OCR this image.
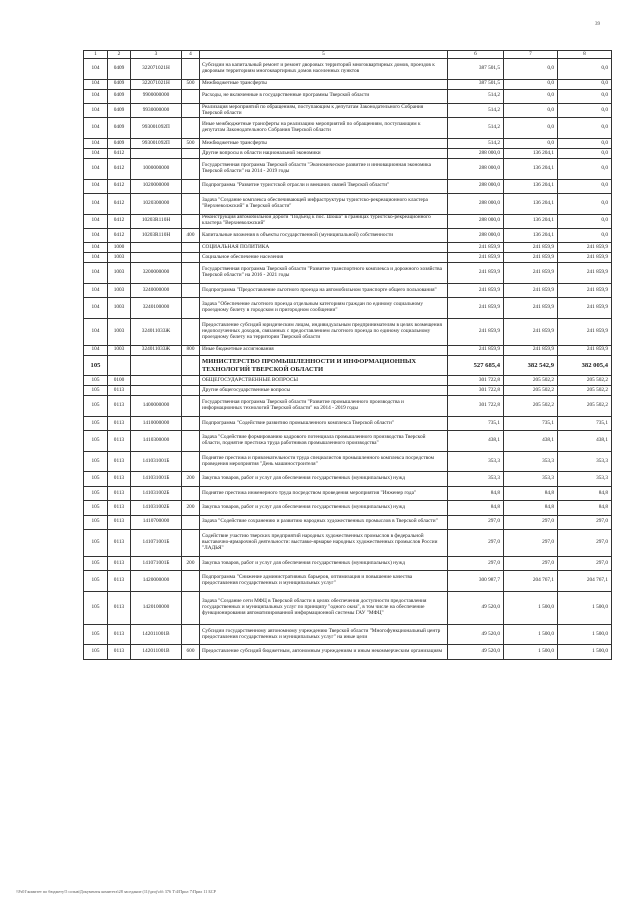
39
1	2	3	4	5	6	7	8
104	0409	322071021Н		Субсидии на капитальный ремонт и ремонт дворовых территорий многоквартирных домов, проездов к дворовым территориям многоквартирных домов населенных пунктов	387 501,5	0,0	0,0
104	0409	322071021Н	500	Межбюджетные трансферты	387 501,5	0,0	0,0
104	0409	9900000000		Расходы, не включенные в государственные программы Тверской области	514,2	0,0	0,0
104	0409	9930000000		Реализация мероприятий по обращениям, поступающим к депутатам Законодательного Собрания Тверской области	514,2	0,0	0,0
104	0409	993001092П		Иные межбюджетные трансферты на реализацию мероприятий по обращениям, поступающим к депутатам Законодательного Собрания Тверской области	514,2	0,0	0,0
104	0409	993001092П	500	Межбюджетные трансферты	514,2	0,0	0,0
104	0412			Другие вопросы в области национальной экономики	288 000,0	136 204,1	0,0
104	0412	1000000000		Государственная программа Тверской области "Экономическое развитие и инновационная экономика Тверской области" на 2014 - 2019 годы	288 000,0	136 204,1	0,0
104	0412	1020000000		Подпрограмма "Развитие туристской отрасли и внешних связей Тверской области"	288 000,0	136 204,1	0,0
104	0412	1020300000		Задача "Создание комплекса обеспечивающей инфраструктуры туристско-рекреационного кластера "Верхневолжский" в Тверской области"	288 000,0	136 204,1	0,0
104	0412	10203R110Н		Реконструкция автомобильной дороги "Подъезд к пос. Шоша" в границах туристско-рекреационного кластера "Верхневолжский"	288 000,0	136 204,1	0,0
104	0412	10203R110Н	400	Капитальные вложения в объекты государственной (муниципальной) собственности	288 000,0	136 204,1	0,0
104	1000			СОЦИАЛЬНАЯ ПОЛИТИКА	241 859,9	241 859,9	241 859,9
104	1003			Социальное обеспечение населения	241 859,9	241 859,9	241 859,9
104	1003	3200000000		Государственная программа Тверской области "Развитие транспортного комплекса и дорожного хозяйства Тверской области" на 2016 - 2021 годы	241 859,9	241 859,9	241 859,9
104	1003	3240000000		Подпрограмма "Предоставление льготного проезда на автомобильном транспорте общего пользования"	241 859,9	241 859,9	241 859,9
104	1003	3240100000		Задача "Обеспечение льготного проезда отдельным категориям граждан по единому социальному проездному билету в городском и пригородном сообщении"	241 859,9	241 859,9	241 859,9
104	1003	324011033Ж		Предоставление субсидий юридическим лицам, индивидуальным предпринимателям в целях возмещения недополученных доходов, связанных с предоставлением льготного проезда по единому социальному проездному билету на территории Тверской области	241 859,9	241 859,9	241 859,9
104	1003	324011033Ж	800	Иные бюджетные ассигнования	241 859,9	241 859,9	241 859,9
105				МИНИСТЕРСТВО ПРОМЫШЛЕННОСТИ И ИНФОРМАЦИОННЫХ ТЕХНОЛОГИЙ ТВЕРСКОЙ ОБЛАСТИ	527 685,4	382 542,9	382 005,4
105	0100			ОБЩЕГОСУДАРСТВЕННЫЕ ВОПРОСЫ	301 722,8	205 502,2	205 502,2
105	0113			Другие общегосударственные вопросы	301 722,8	205 502,2	205 502,2
105	0113	1400000000		Государственная программа Тверской области "Развитие промышленного производства и информационных технологий Тверской области" на 2014 - 2019 годы	301 722,8	205 502,2	205 502,2
105	0113	1410000000		Подпрограмма "Содействие развитию промышленного комплекса Тверской области"	735,1	735,1	735,1
105	0113	1410300000		Задача "Содействие формированию кадрового потенциала промышленного производства Тверской области, поднятие престижа труда работников промышленного производства"	438,1	438,1	438,1
105	0113	141031001Б		Поднятие престижа и привлекательности труда специалистов промышленного комплекса посредством проведения мероприятия "День машиностроителя"	353,3	353,3	353,3
105	0113	141031001Б	200	Закупка товаров, работ и услуг для обеспечения государственных (муниципальных) нужд	353,3	353,3	353,3
105	0113	141031002Б		Поднятие престижа инженерного труда посредством проведения мероприятия "Инженер года"	84,8	84,8	84,8
105	0113	141031002Б	200	Закупка товаров, работ и услуг для обеспечения государственных (муниципальных) нужд	84,8	84,8	84,8
105	0113	1410700000		Задача "Содействие сохранению и развитию народных художественных промыслов в Тверской области"	297,0	297,0	297,0
105	0113	141071001Б		Содействие участию тверских предприятий народных художественных промыслов в федеральной выставочно-ярмарочной деятельности: выставке-ярмарке народных художественных промыслов России "ЛАДЬЯ"	297,0	297,0	297,0
105	0113	141071001Б	200	Закупка товаров, работ и услуг для обеспечения государственных (муниципальных) нужд	297,0	297,0	297,0
105	0113	1420000000		Подпрограмма "Снижение административных барьеров, оптимизация и повышение качества предоставления государственных и муниципальных услуг"	300 987,7	204 767,1	204 767,1
105	0113	1420100000		Задача "Создание сети МФЦ в Тверской области в целях обеспечения доступности предоставления государственных и муниципальных услуг по принципу "одного окна", в том числе на обеспечение функционирования автоматизированной информационной системы ГАУ "МФЦ"	49 520,0	1 500,0	1 500,0
105	0113	142011001В		Субсидии государственному автономному учреждению Тверской области "Многофункциональный центр предоставления государственных и муниципальных услуг" на иные цели	49 520,0	1 500,0	1 500,0
105	0113	142011001В	600	Предоставление субсидий бюджетным, автономным учреждениям и иным некоммерческим организациям	49 520,0	1 500,0	1 500,0
\\Fs01\комитет по бюджету\5 созыв\Документы комитета\28 заседание (11)\proj\ob\ 376 Т\4\Прил 7\Прил 11 БСР
